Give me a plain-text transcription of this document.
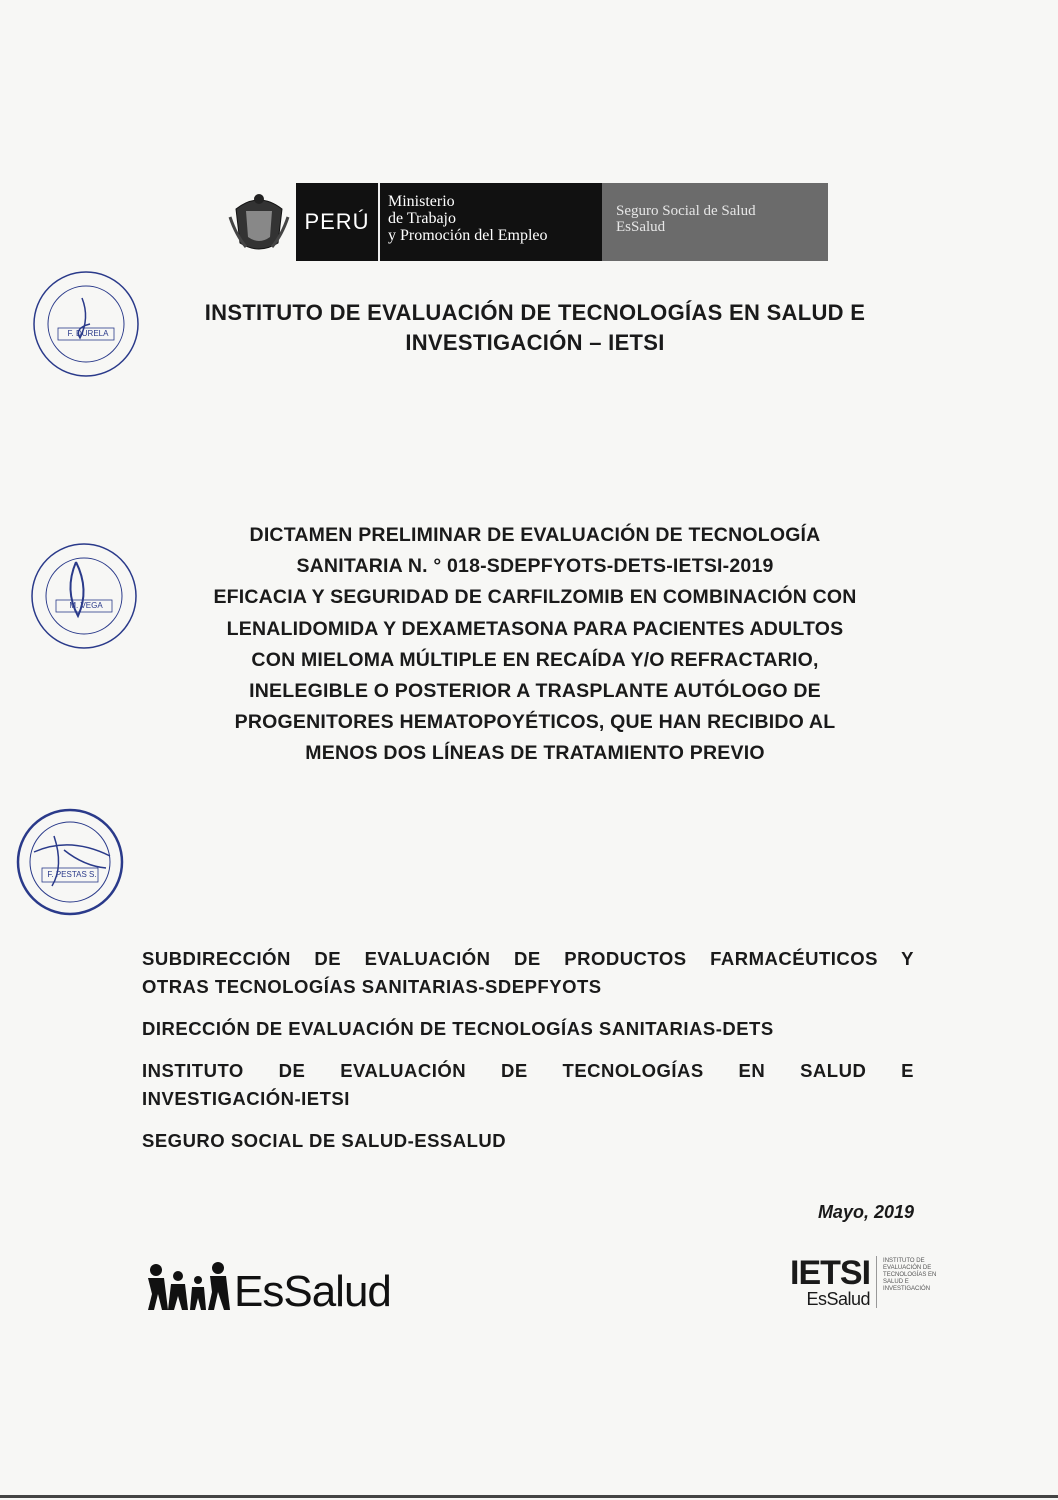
PERÚ
Ministerio
de Trabajo
y Promoción del Empleo
Seguro Social de Salud
EsSalud
F. DURELA
M. VEGA
F. PESTAS S.
INSTITUTO DE EVALUACIÓN DE TECNOLOGÍAS EN SALUD E
INVESTIGACIÓN – IETSI
DICTAMEN PRELIMINAR DE EVALUACIÓN DE TECNOLOGÍA
SANITARIA N. ° 018-SDEPFYOTS-DETS-IETSI-2019
EFICACIA Y SEGURIDAD DE CARFILZOMIB EN COMBINACIÓN CON
LENALIDOMIDA Y DEXAMETASONA PARA PACIENTES ADULTOS
CON MIELOMA MÚLTIPLE EN RECAÍDA Y/O REFRACTARIO,
INELEGIBLE O POSTERIOR A TRASPLANTE AUTÓLOGO DE
PROGENITORES HEMATOPOYÉTICOS, QUE HAN RECIBIDO AL
MENOS DOS LÍNEAS DE TRATAMIENTO PREVIO
SUBDIRECCIÓN DE EVALUACIÓN DE PRODUCTOS FARMACÉUTICOS Y
OTRAS TECNOLOGÍAS SANITARIAS-SDEPFYOTS
DIRECCIÓN DE EVALUACIÓN DE TECNOLOGÍAS SANITARIAS-DETS
INSTITUTO DE EVALUACIÓN DE TECNOLOGÍAS EN SALUD E
INVESTIGACIÓN-IETSI
SEGURO SOCIAL DE SALUD-ESSALUD
Mayo, 2019
EsSalud	IETSI
EsSalud
INSTITUTO DE
EVALUACIÓN DE
TECNOLOGÍAS EN
SALUD E
INVESTIGACIÓN
